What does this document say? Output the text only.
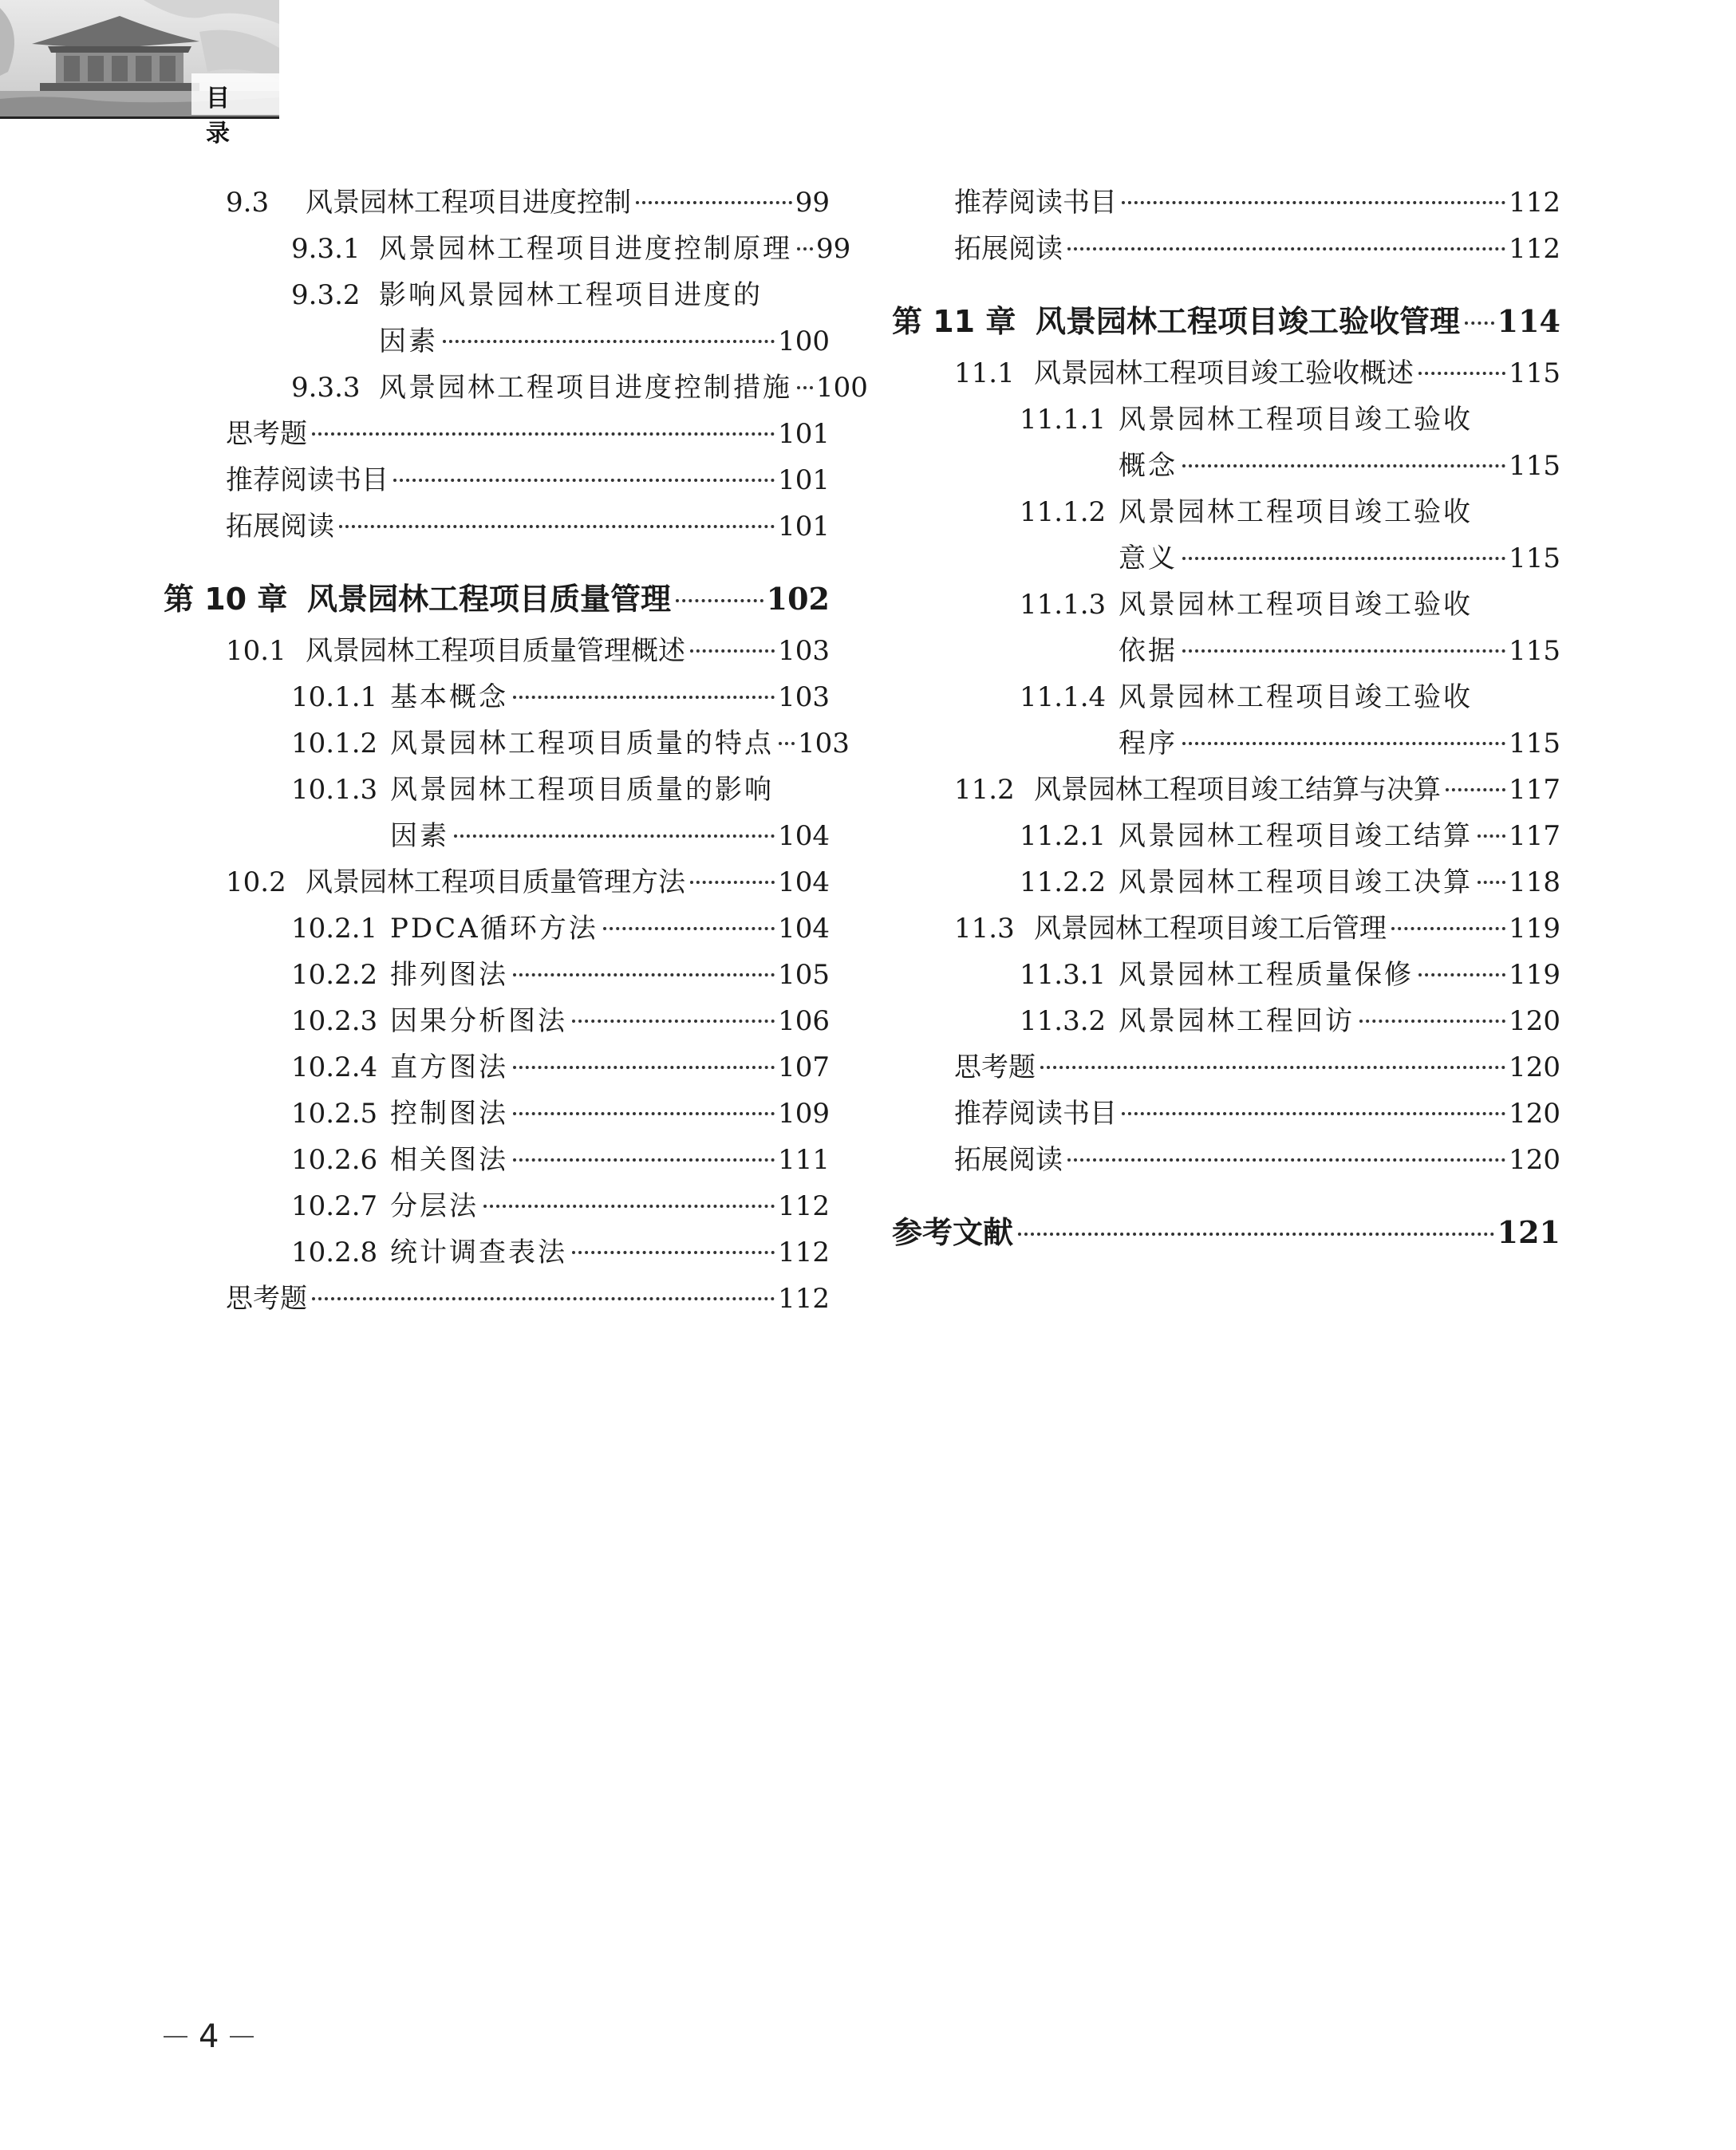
目 录
9.3	风景园林工程项目进度控制	99
9.3.1 风景园林工程项目进度控制原理 99
9.3.2 影响风景园林工程项目进度的
因素	100
9.3.3 风景园林工程项目进度控制措施 100
思考题	101
推荐阅读书目	101
拓展阅读	101
第 10 章 风景园林工程项目质量管理	102
10.1 风景园林工程项目质量管理概述	103
10.1.1 基本概念	103
10.1.2 风景园林工程项目质量的特点 103
10.1.3 风景园林工程项目质量的影响
因素	104
10.2 风景园林工程项目质量管理方法	104
10.2.1 PDCA循环方法	104
10.2.2 排列图法	105
10.2.3 因果分析图法	106
10.2.4 直方图法	107
10.2.5 控制图法	109
10.2.6 相关图法	111
10.2.7 分层法	112
10.2.8 统计调查表法	112
思考题	112
推荐阅读书目	112
拓展阅读	112
第 11 章 风景园林工程项目竣工验收管理 114
11.1 风景园林工程项目竣工验收概述	115
11.1.1 风景园林工程项目竣工验收
概念	115
11.1.2 风景园林工程项目竣工验收
意义	115
11.1.3 风景园林工程项目竣工验收
依据	115
11.1.4 风景园林工程项目竣工验收
程序	115
11.2 风景园林工程项目竣工结算与决算	117
11.2.1 风景园林工程项目竣工结算 117
11.2.2 风景园林工程项目竣工决算 118
11.3 风景园林工程项目竣工后管理	119
11.3.1 风景园林工程质量保修	119
11.3.2 风景园林工程回访	120
思考题	120
推荐阅读书目	120
拓展阅读	120
参考文献	121
4
